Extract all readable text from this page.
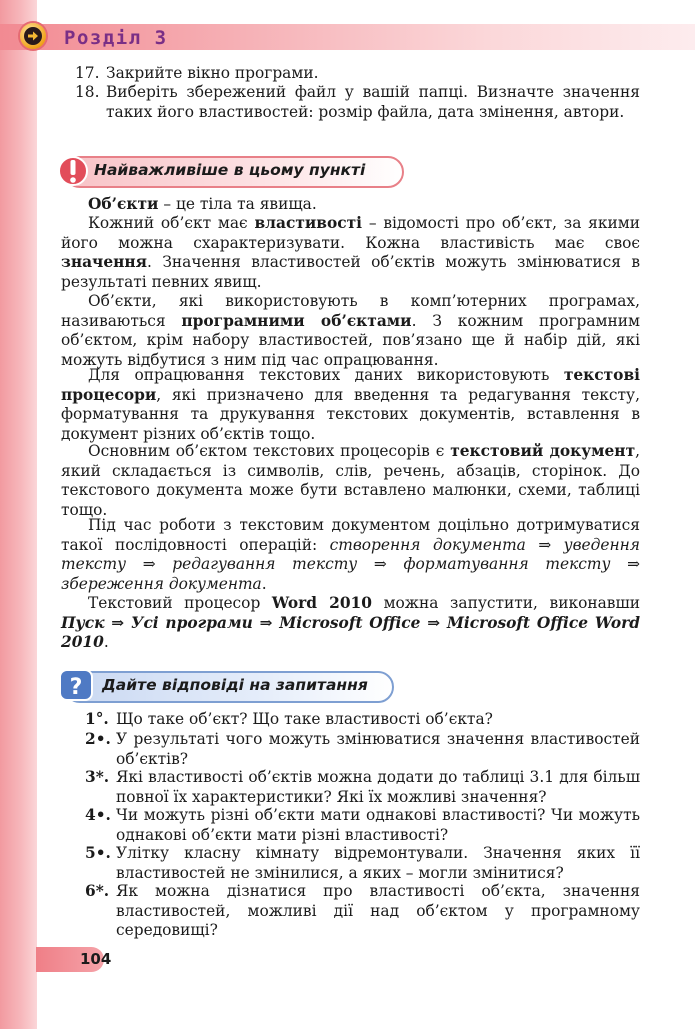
Розділ 3
17. Закрийте вікно програми.
18. Виберіть збережений файл у вашій папці. Визначте значення таких його властивостей: розмір файла, дата змінення, автори.
Найважливіше в цьому пункті

Об’єкти – це тіла та явища.

Кожний об’єкт має властивості – відомості про об’єкт, за якими його можна схарактеризувати. Кожна властивість має своє значення. Значення властивостей об’єктів можуть змінюватися в результаті певних явищ.

Об’єкти, які використовують в комп’ютерних програмах, називаються програмними об’єктами. З кожним програмним об’єктом, крім набору властивостей, пов’язано ще й набір дій, які можуть відбутися з ним під час опрацювання.

Для опрацювання текстових даних використовують текстові процесори, які призначено для введення та редагування тексту, форматування та друкування текстових документів, вставлення в документ різних об’єктів тощо.

Основним об’єктом текстових процесорів є текстовий документ, який складається із символів, слів, речень, абзаців, сторінок. До текстового документа може бути вставлено малюнки, схеми, таблиці тощо.

Під час роботи з текстовим документом доцільно дотримуватися такої послідовності операцій: створення документа ⇒ уведення тексту ⇒ редагування тексту ⇒ форматування тексту ⇒ збереження документа.

Текстовий процесор Word 2010 можна запустити, виконавши Пуск ⇒ Усі програми ⇒ Microsoft Office ⇒ Microsoft Office Word 2010.

Дайте відповіді на запитання
?
1°. Що таке об’єкт? Що таке властивості об’єкта?
2•. У результаті чого можуть змінюватися значення властивостей об’єктів?
3*. Які властивості об’єктів можна додати до таблиці 3.1 для більш повної їх характеристики? Які їх можливі значення?
4•. Чи можуть різні об’єкти мати однакові властивості? Чи можуть однакові об’єкти мати різні властивості?
5•. Улітку класну кімнату відремонтували. Значення яких її властивостей не змінилися, а яких – могли змінитися?
6*. Як можна дізнатися про властивості об’єкта, значення властивостей, можливі дії над об’єктом у програмному середовищі?
104
